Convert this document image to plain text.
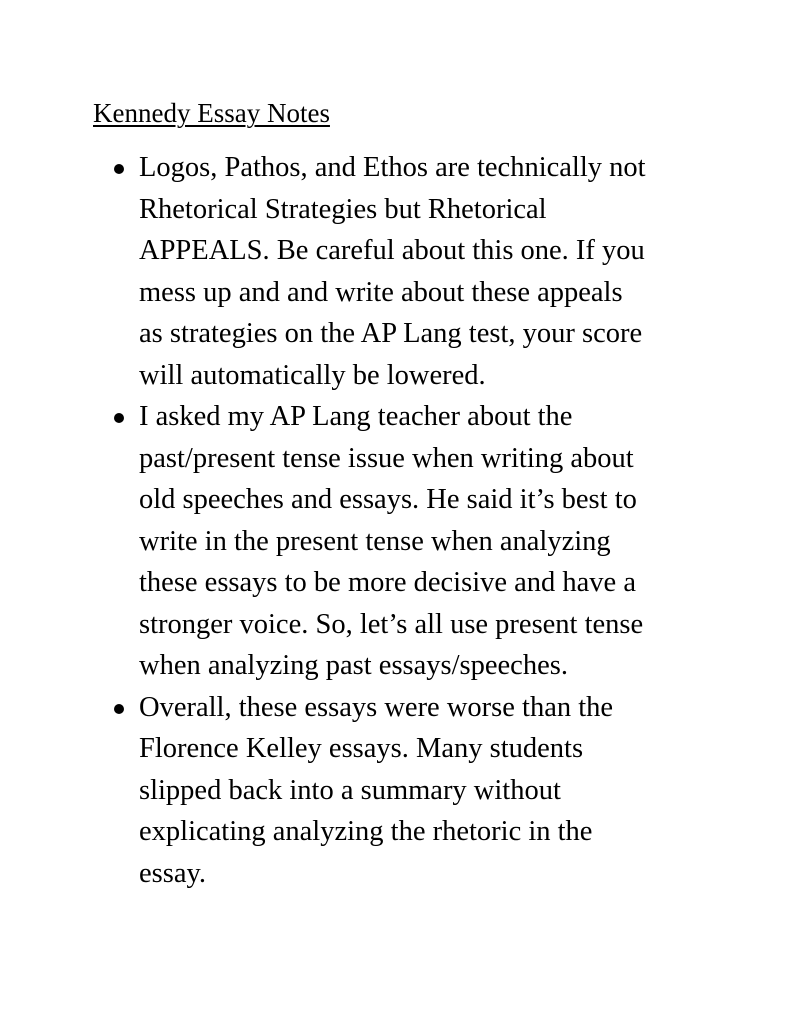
Kennedy Essay Notes
Logos, Pathos, and Ethos are technically not
Rhetorical Strategies but Rhetorical
APPEALS. Be careful about this one. If you
mess up and and write about these appeals
as strategies on the AP Lang test, your score
will automatically be lowered.
I asked my AP Lang teacher about the
past/present tense issue when writing about
old speeches and essays. He said it’s best to
write in the present tense when analyzing
these essays to be more decisive and have a
stronger voice. So, let’s all use present tense
when analyzing past essays/speeches.
Overall, these essays were worse than the
Florence Kelley essays. Many students
slipped back into a summary without
explicating analyzing the rhetoric in the
essay.
